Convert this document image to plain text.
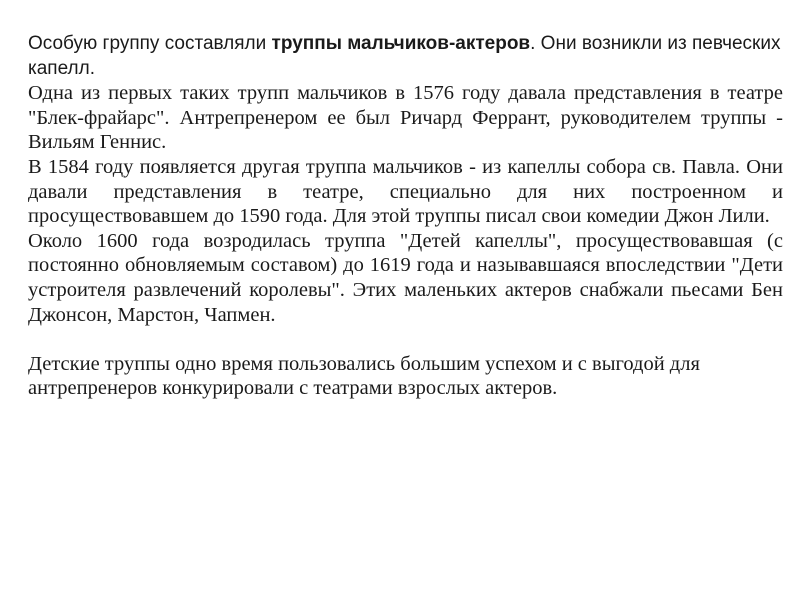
Особую группу составляли труппы мальчиков-актеров. Они возникли из певческих капелл.

Одна из первых таких трупп мальчиков в 1576 году давала представления в театре "Блек-фрайарс". Антрепренером ее был Ричард Феррант, руководителем труппы - Вильям Геннис.

В 1584 году появляется другая труппа мальчиков - из капеллы собора св. Павла. Они давали представления в театре, специально для них построенном и просуществовавшем до 1590 года. Для этой труппы писал свои комедии Джон Лили.

Около 1600 года возродилась труппа "Детей капеллы", просуществовавшая (с постоянно обновляемым составом) до 1619 года и называвшаяся впоследствии "Дети устроителя развлечений королевы". Этих маленьких актеров снабжали пьесами Бен Джонсон, Марстон, Чапмен.

Детские труппы одно время пользовались большим успехом и с выгодой для антрепренеров конкурировали с театрами взрослых актеров.
